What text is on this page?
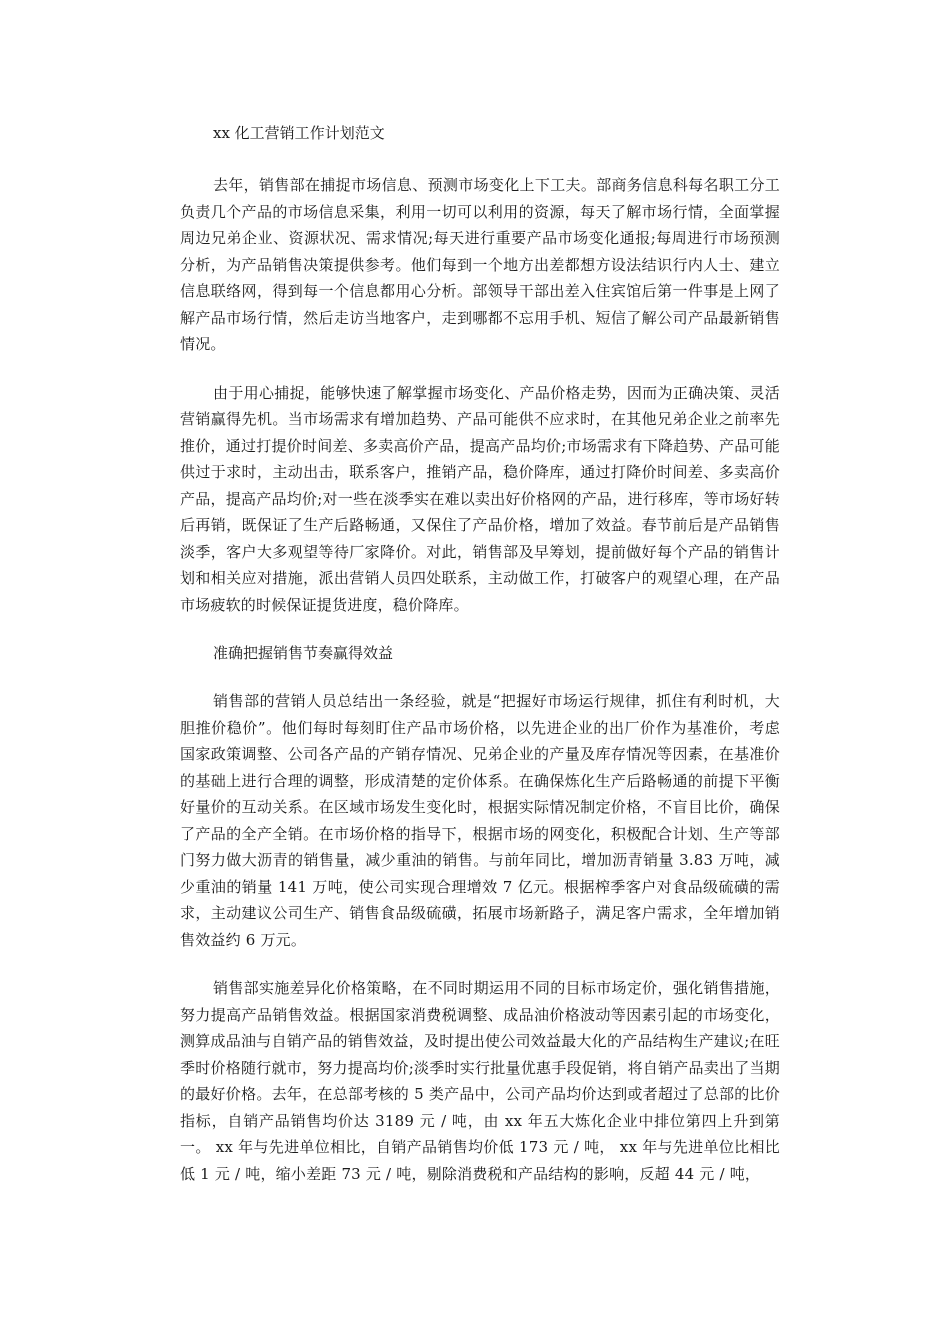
xx 化工营销工作计划范文

去年，销售部在捕捉市场信息、预测市场变化上下工夫。部商务信息科每名职工分工负责几个产品的市场信息采集，利用一切可以利用的资源，每天了解市场行情，全面掌握周边兄弟企业、资源状况、需求情况;每天进行重要产品市场变化通报;每周进行市场预测分析，为产品销售决策提供参考。他们每到一个地方出差都想方设法结识行内人士、建立信息联络网，得到每一个信息都用心分析。部领导干部出差入住宾馆后第一件事是上网了解产品市场行情，然后走访当地客户，走到哪都不忘用手机、短信了解公司产品最新销售情况。

由于用心捕捉，能够快速了解掌握市场变化、产品价格走势，因而为正确决策、灵活营销赢得先机。当市场需求有增加趋势、产品可能供不应求时，在其他兄弟企业之前率先推价，通过打提价时间差、多卖高价产品，提高产品均价;市场需求有下降趋势、产品可能供过于求时，主动出击，联系客户，推销产品，稳价降库，通过打降价时间差、多卖高价产品，提高产品均价;对一些在淡季实在难以卖出好价格网的产品，进行移库，等市场好转后再销，既保证了生产后路畅通，又保住了产品价格，增加了效益。春节前后是产品销售淡季，客户大多观望等待厂家降价。对此，销售部及早筹划，提前做好每个产品的销售计划和相关应对措施，派出营销人员四处联系，主动做工作，打破客户的观望心理，在产品市场疲软的时候保证提货进度，稳价降库。

准确把握销售节奏赢得效益

销售部的营销人员总结出一条经验，就是“把握好市场运行规律，抓住有利时机，大胆推价稳价”。他们每时每刻盯住产品市场价格，以先进企业的出厂价作为基准价，考虑国家政策调整、公司各产品的产销存情况、兄弟企业的产量及库存情况等因素，在基准价的基础上进行合理的调整，形成清楚的定价体系。在确保炼化生产后路畅通的前提下平衡好量价的互动关系。在区域市场发生变化时，根据实际情况制定价格，不盲目比价，确保了产品的全产全销。在市场价格的指导下，根据市场的网变化，积极配合计划、生产等部门努力做大沥青的销售量，减少重油的销售。与前年同比，增加沥青销量 3.83 万吨，减少重油的销量 141 万吨，使公司实现合理增效 7 亿元。根据榨季客户对食品级硫磺的需求，主动建议公司生产、销售食品级硫磺，拓展市场新路子，满足客户需求，全年增加销售效益约 6 万元。

销售部实施差异化价格策略，在不同时期运用不同的目标市场定价，强化销售措施，努力提高产品销售效益。根据国家消费税调整、成品油价格波动等因素引起的市场变化，测算成品油与自销产品的销售效益，及时提出使公司效益最大化的产品结构生产建议;在旺季时价格随行就市，努力提高均价;淡季时实行批量优惠手段促销，将自销产品卖出了当期的最好价格。去年，在总部考核的 5 类产品中，公司产品均价达到或者超过了总部的比价指标，自销产品销售均价达 3189 元 / 吨，由 xx 年五大炼化企业中排位第四上升到第一。 xx 年与先进单位相比，自销产品销售均价低 173 元 / 吨， xx 年与先进单位比相比低 1 元 / 吨，缩小差距 73 元 / 吨，剔除消费税和产品结构的影响，反超 44 元 / 吨，
